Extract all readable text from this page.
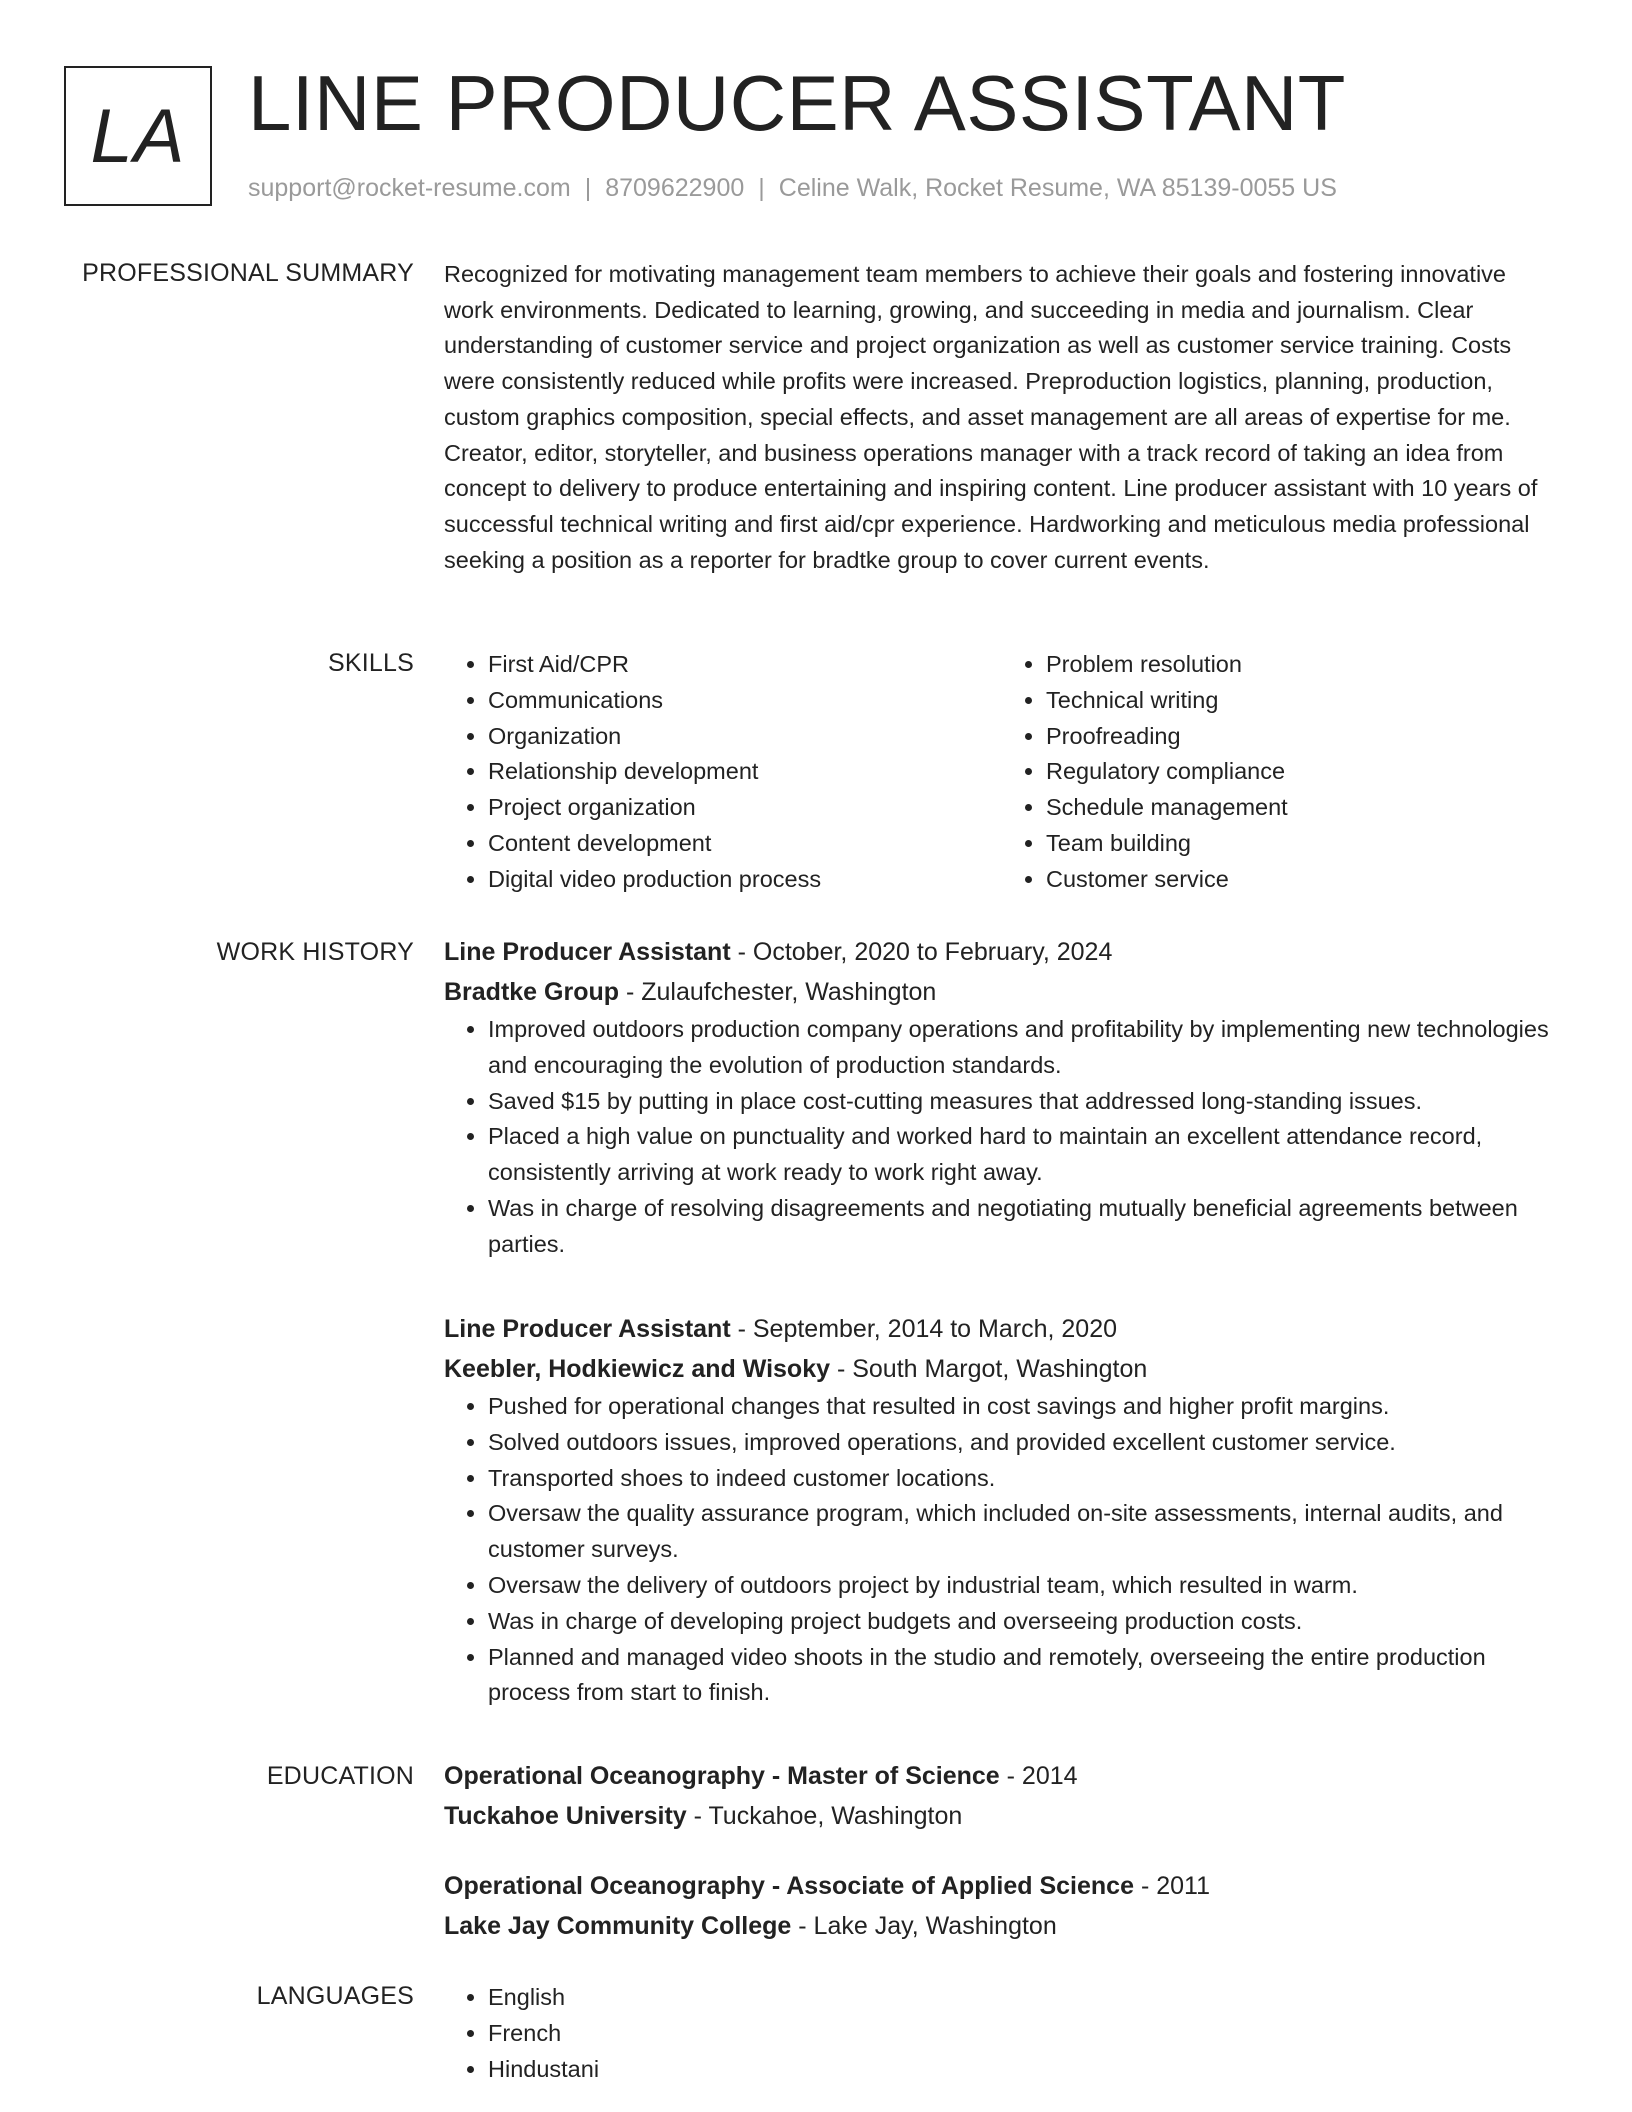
LA LINE PRODUCER ASSISTANT
support@rocket-resume.com | 8709622900 | Celine Walk, Rocket Resume, WA 85139-0055 US
PROFESSIONAL SUMMARY Recognized for motivating management team members to achieve their goals and fostering innovative work environments. Dedicated to learning, growing, and succeeding in media and journalism. Clear understanding of customer service and project organization as well as customer service training. Costs were consistently reduced while profits were increased. Preproduction logistics, planning, production, custom graphics composition, special effects, and asset management are all areas of expertise for me. Creator, editor, storyteller, and business operations manager with a track record of taking an idea from concept to delivery to produce entertaining and inspiring content. Line producer assistant with 10 years of successful technical writing and first aid/cpr experience. Hardworking and meticulous media professional seeking a position as a reporter for bradtke group to cover current events.

SKILLS	• First Aid/CPR
• Communications
• Organization
• Relationship development
• Project organization
• Content development
• Digital video production process
• Problem resolution
• Technical writing
• Proofreading
• Regulatory compliance
• Schedule management
• Team building
• Customer service
WORK HISTORY Line Producer Assistant - October, 2020 to February, 2024
Bradtke Group - Zulaufchester, Washington
• Improved outdoors production company operations and profitability by implementing new technologies and encouraging the evolution of production standards.
• Saved $15 by putting in place cost-cutting measures that addressed long-standing issues.
• Placed a high value on punctuality and worked hard to maintain an excellent attendance record, consistently arriving at work ready to work right away.
• Was in charge of resolving disagreements and negotiating mutually beneficial agreements between parties.
Line Producer Assistant - September, 2014 to March, 2020
Keebler, Hodkiewicz and Wisoky - South Margot, Washington
• Pushed for operational changes that resulted in cost savings and higher profit margins.
• Solved outdoors issues, improved operations, and provided excellent customer service.
• Transported shoes to indeed customer locations.
• Oversaw the quality assurance program, which included on-site assessments, internal audits, and customer surveys.
• Oversaw the delivery of outdoors project by industrial team, which resulted in warm.
• Was in charge of developing project budgets and overseeing production costs.
• Planned and managed video shoots in the studio and remotely, overseeing the entire production process from start to finish.
EDUCATION Operational Oceanography - Master of Science - 2014
Tuckahoe University - Tuckahoe, Washington
Operational Oceanography - Associate of Applied Science - 2011
Lake Jay Community College - Lake Jay, Washington
LANGUAGES	• English
• French
• Hindustani
